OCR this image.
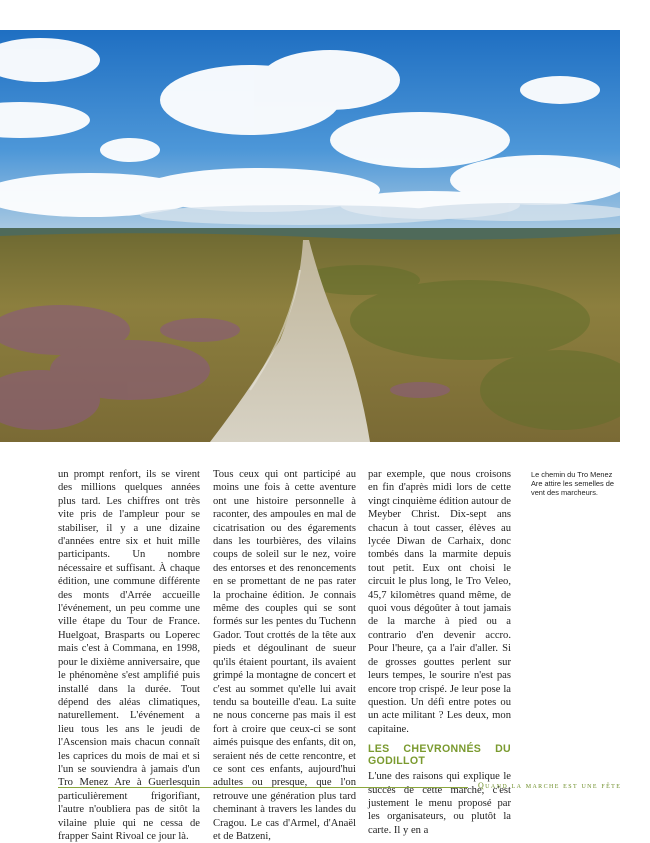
Le chemin du Tro Menez Are attire les semelles de vent des marcheurs.

un prompt renfort, ils se virent des millions quelques années plus tard. Les chiffres ont très vite pris de l'ampleur pour se stabiliser, il y a une dizaine d'années entre six et huit mille participants. Un nombre nécessaire et suffisant. À chaque édition, une commune différente des monts d'Arrée accueille l'événement, un peu comme une ville étape du Tour de France. Huelgoat, Brasparts ou Loperec mais c'est à Commana, en 1998, pour le dixième anniversaire, que le phénomène s'est amplifié puis installé dans la durée. Tout dépend des aléas climatiques, naturellement. L'événement a lieu tous les ans le jeudi de l'Ascension mais chacun connaît les caprices du mois de mai et si l'un se souviendra à jamais d'un Tro Menez Are à Guerlesquin particulièrement frigorifiant, l'autre n'oubliera pas de sitôt la vilaine pluie qui ne cessa de frapper Saint Rivoal ce jour là.

Tous ceux qui ont participé au moins une fois à cette aventure ont une histoire personnelle à raconter, des ampoules en mal de cicatrisation ou des égarements dans les tourbières, des vilains coups de soleil sur le nez, voire des entorses et des renoncements en se promettant de ne pas rater la prochaine édition. Je connais même des couples qui se sont formés sur les pentes du Tuchenn Gador. Tout crottés de la tête aux pieds et dégoulinant de sueur qu'ils étaient pourtant, ils avaient grimpé la montagne de concert et c'est au sommet qu'elle lui avait tendu sa bouteille d'eau. La suite ne nous concerne pas mais il est fort à croire que ceux-ci se sont aimés puisque des enfants, dit on, seraient nés de cette rencontre, et ce sont ces enfants, aujourd'hui adultes ou presque, que l'on retrouve une génération plus tard cheminant à travers les landes du Cragou. Le cas d'Armel, d'Anaël et de Batzeni,

par exemple, que nous croisons en fin d'après midi lors de cette vingt cinquième édition autour de Meyber Christ. Dix-sept ans chacun à tout casser, élèves au lycée Diwan de Carhaix, donc tombés dans la marmite depuis tout petit. Eux ont choisi le circuit le plus long, le Tro Veleo, 45,7 kilomètres quand même, de quoi vous dégoûter à tout jamais de la marche à pied ou a contrario d'en devenir accro. Pour l'heure, ça a l'air d'aller. Si de grosses gouttes perlent sur leurs tempes, le sourire n'est pas encore trop crispé. Je leur pose la question. Un défi entre potes ou un acte militant ? Les deux, mon capitaine.

LES CHEVRONNÉS DU GODILLOT

L'une des raisons qui explique le succès de cette marche, c'est justement le menu proposé par les organisateurs, ou plutôt la carte. Il y en a

Quand la marche est une fête
